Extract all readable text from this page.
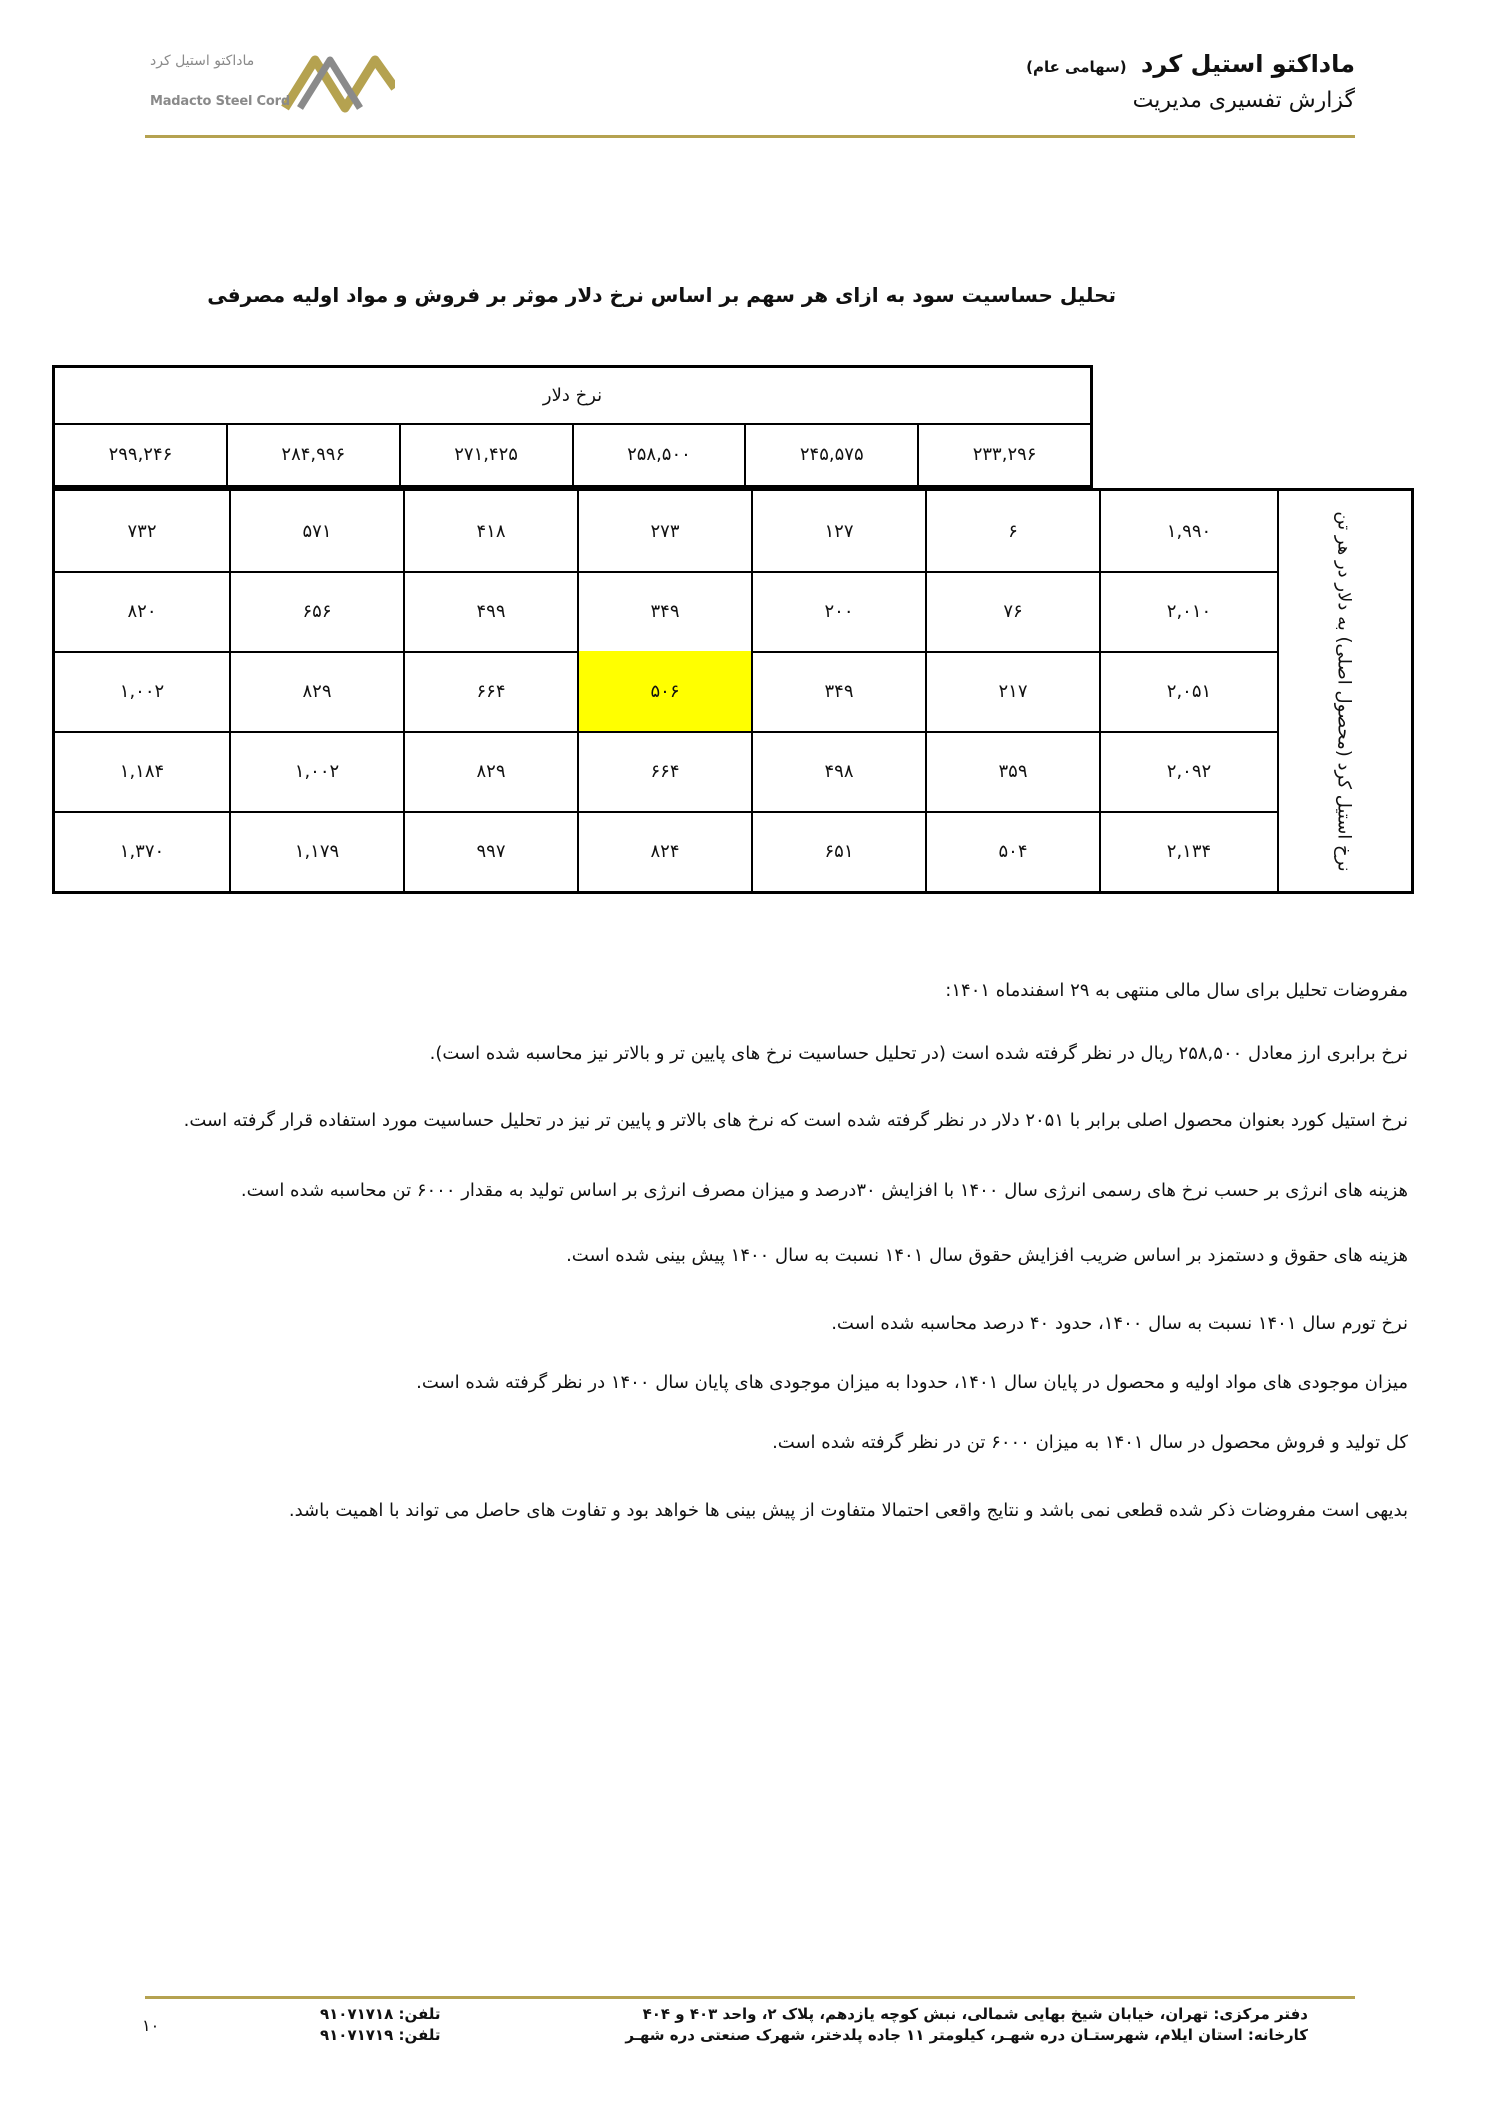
ماداکتو استیل کرد
Madacto Steel Cord
ماداکتو استیل کرد (سهامی عام)
گزارش تفسیری مدیریت
تحلیل حساسیت سود به ازای هر سهم بر اساس نرخ دلار موثر بر فروش و مواد اولیه مصرفی
نرخ دلار
۲۳۳,۲۹۶
۲۴۵,۵۷۵
۲۵۸,۵۰۰
۲۷۱,۴۲۵
۲۸۴,۹۹۶
۲۹۹,۲۴۶
نرخ استیل کرد (محصول اصلی) به دلار در هر تن
۱,۹۹۰
۶
۱۲۷
۲۷۳
۴۱۸
۵۷۱
۷۳۲
۲,۰۱۰
۷۶
۲۰۰
۳۴۹
۴۹۹
۶۵۶
۸۲۰
۲,۰۵۱
۲۱۷
۳۴۹
۵۰۶
۶۶۴
۸۲۹
۱,۰۰۲
۲,۰۹۲
۳۵۹
۴۹۸
۶۶۴
۸۲۹
۱,۰۰۲
۱,۱۸۴
۲,۱۳۴
۵۰۴
۶۵۱
۸۲۴
۹۹۷
۱,۱۷۹
۱,۳۷۰
مفروضات تحلیل برای سال مالی منتهی به ۲۹ اسفندماه ۱۴۰۱:
نرخ برابری ارز معادل ۲۵۸,۵۰۰ ریال در نظر گرفته شده است (در تحلیل حساسیت نرخ های پایین تر و بالاتر نیز محاسبه شده است).
نرخ استیل کورد بعنوان محصول اصلی برابر با ۲۰۵۱ دلار در نظر گرفته شده است که نرخ های بالاتر و پایین تر نیز در تحلیل حساسیت مورد استفاده قرار گرفته است.
هزینه های انرژی بر حسب نرخ های رسمی انرژی سال ۱۴۰۰ با افزایش ۳۰درصد و میزان مصرف انرژی بر اساس تولید به مقدار ۶۰۰۰ تن محاسبه شده است.
هزینه های حقوق و دستمزد بر اساس ضریب افزایش حقوق سال ۱۴۰۱ نسبت به سال ۱۴۰۰ پیش بینی شده است.
نرخ تورم سال ۱۴۰۱ نسبت به سال ۱۴۰۰، حدود ۴۰ درصد محاسبه شده است.
میزان موجودی های مواد اولیه و محصول در پایان سال ۱۴۰۱، حدودا به میزان موجودی های پایان سال ۱۴۰۰ در نظر گرفته شده است.
کل تولید و فروش محصول در سال ۱۴۰۱ به میزان ۶۰۰۰ تن در نظر گرفته شده است.
بدیهی است مفروضات ذکر شده قطعی نمی باشد و نتایج واقعی احتمالا متفاوت از پیش بینی ها خواهد بود و تفاوت های حاصل می تواند با اهمیت باشد.
دفتر مرکزی: تهران، خیابان شیخ بهایی شمالی، نبش کوچه یازدهم، پلاک ۲، واحد ۴۰۳ و ۴۰۴
کارخانه: استان ایلام، شهرستـان دره شهـر، کیلومتر ۱۱ جاده پلدختر، شهرک صنعتی دره شهـر
تلفن: ۹۱۰۷۱۷۱۸
تلفن: ۹۱۰۷۱۷۱۹
۱۰
